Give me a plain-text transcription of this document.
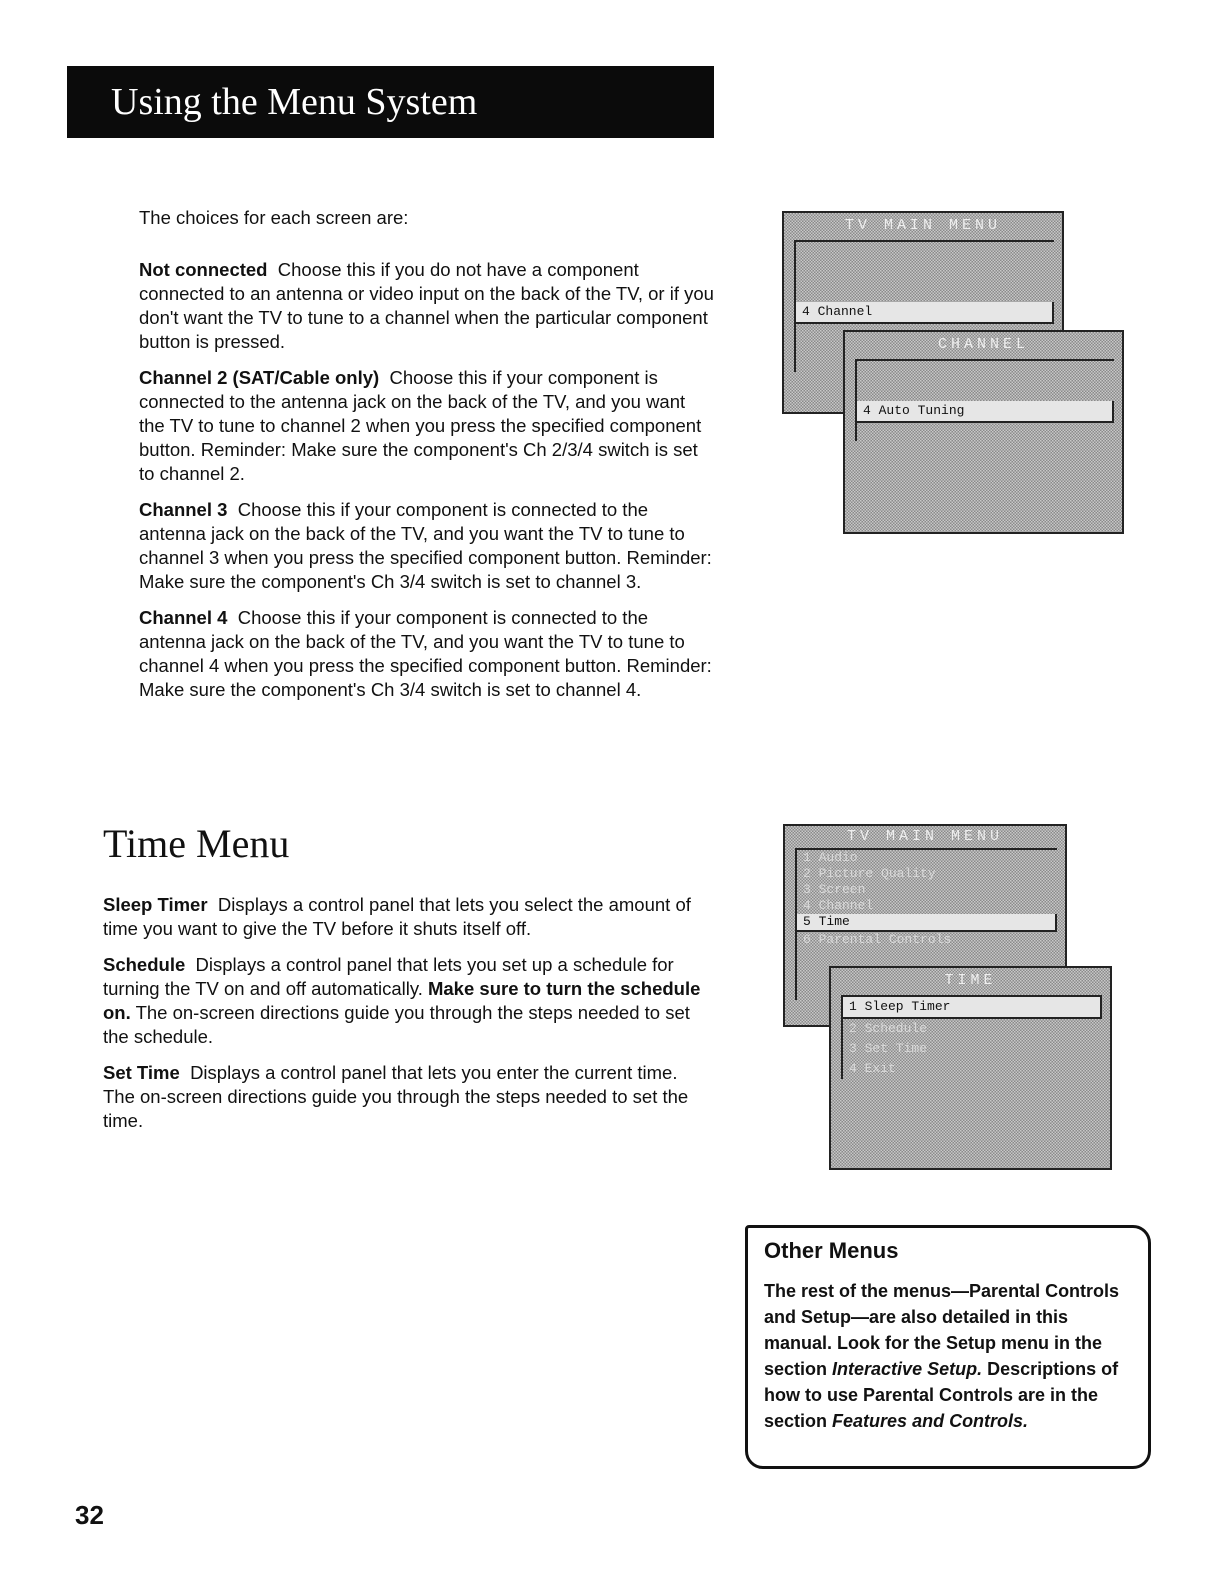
Using the Menu System

The choices for each screen are:

Not connected Choose this if you do not have a component connected to an antenna or video input on the back of the TV, or if you don't want the TV to tune to a channel when the particular component button is pressed.

Channel 2 (SAT/Cable only) Choose this if your component is connected to the antenna jack on the back of the TV, and you want the TV to tune to channel 2 when you press the specified component button. Reminder: Make sure the component's Ch 2/3/4 switch is set to channel 2.

Channel 3 Choose this if your component is connected to the antenna jack on the back of the TV, and you want the TV to tune to channel 3 when you press the specified component button. Reminder: Make sure the component's Ch 3/4 switch is set to channel 3.

Channel 4 Choose this if your component is connected to the antenna jack on the back of the TV, and you want the TV to tune to channel 4 when you press the specified component button. Reminder: Make sure the component's Ch 3/4 switch is set to channel 4.

Time Menu

Sleep Timer Displays a control panel that lets you select the amount of time you want to give the TV before it shuts itself off.

Schedule Displays a control panel that lets you set up a schedule for turning the TV on and off automatically. Make sure to turn the schedule on. The on-screen directions guide you through the steps needed to set the schedule.

Set Time Displays a control panel that lets you enter the current time. The on-screen directions guide you through the steps needed to set the time.

TV MAIN MENU
4 Channel
CHANNEL
4 Auto Tuning
TV MAIN MENU
1 Audio
2 Picture Quality
3 Screen
4 Channel
5 Time
6 Parental Controls
TIME
1 Sleep Timer
2 Schedule
3 Set Time
4 Exit
Other Menus
The rest of the menus—Parental Controls and Setup—are also detailed in this manual. Look for the Setup menu in the section Interactive Setup. Descriptions of how to use Parental Controls are in the section Features and Controls.
32
